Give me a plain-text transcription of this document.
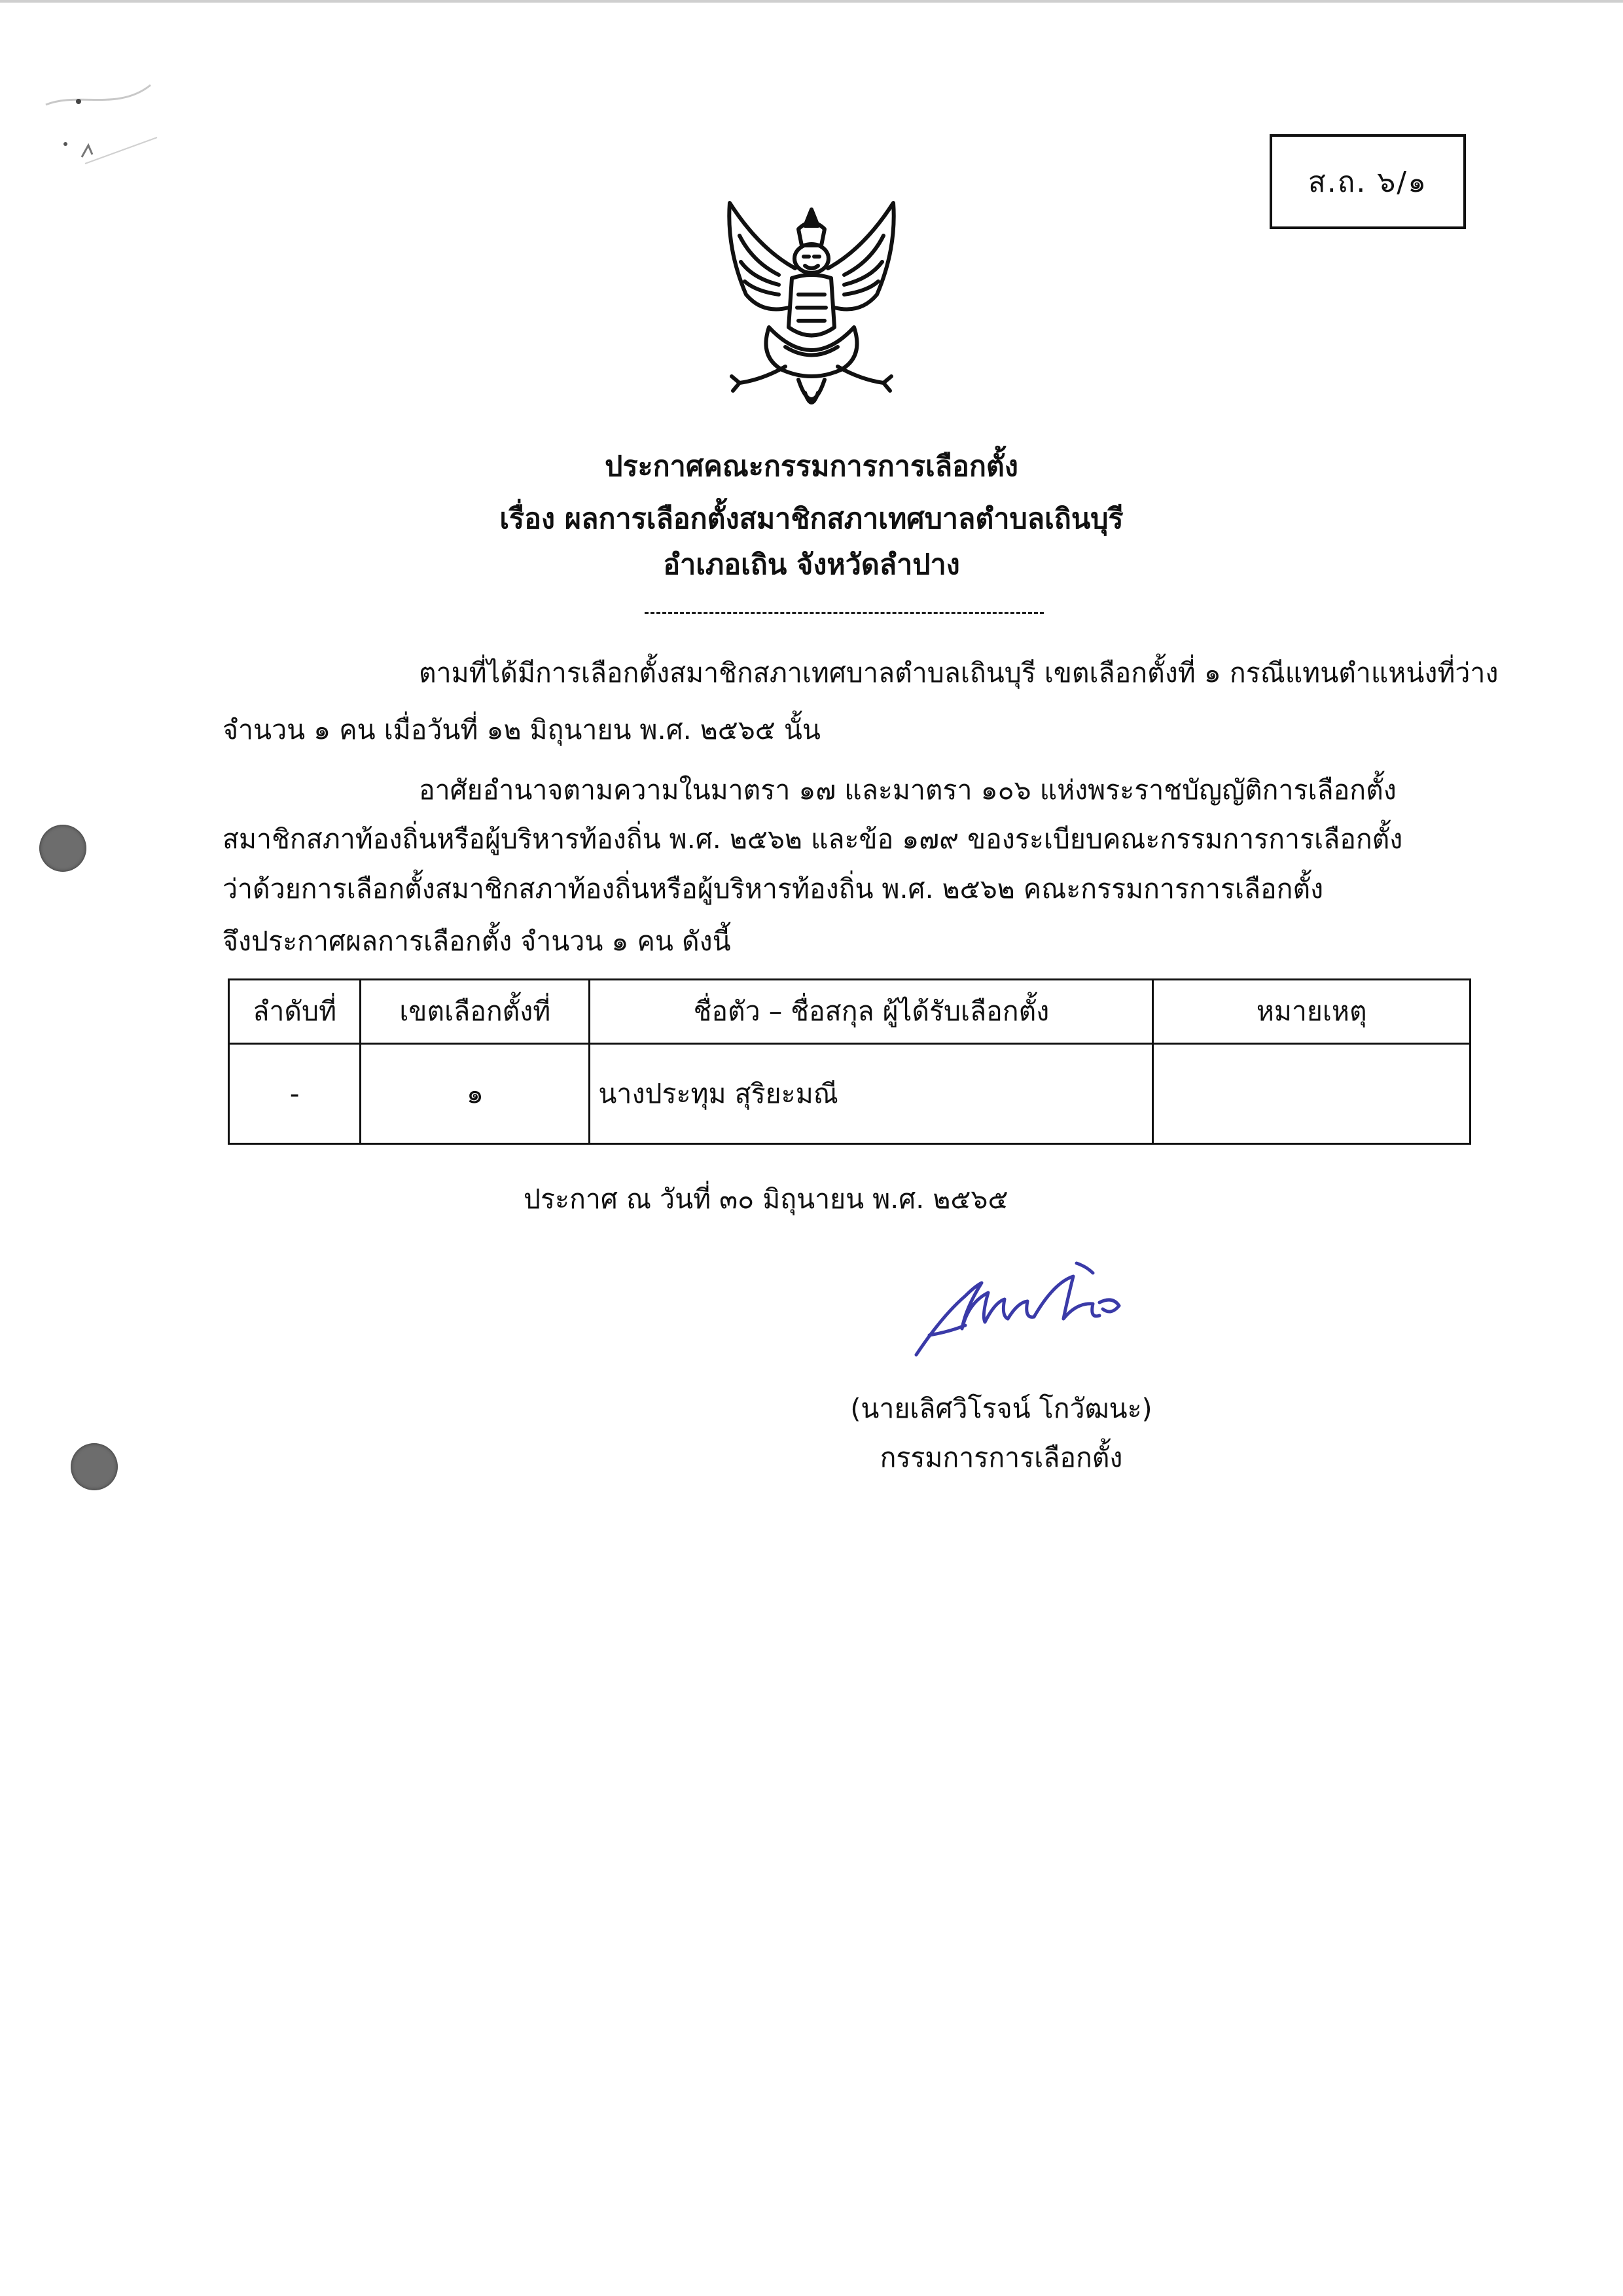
ส.ถ. ๖/๑
ประกาศคณะกรรมการการเลือกตั้ง
เรื่อง ผลการเลือกตั้งสมาชิกสภาเทศบาลตำบลเถินบุรี
อำเภอเถิน จังหวัดลำปาง
ตามที่ได้มีการเลือกตั้งสมาชิกสภาเทศบาลตำบลเถินบุรี เขตเลือกตั้งที่ ๑ กรณีแทนตำแหน่งที่ว่าง
จำนวน ๑ คน เมื่อวันที่ ๑๒ มิถุนายน พ.ศ. ๒๕๖๕ นั้น
อาศัยอำนาจตามความในมาตรา ๑๗ และมาตรา ๑๐๖ แห่งพระราชบัญญัติการเลือกตั้ง
สมาชิกสภาท้องถิ่นหรือผู้บริหารท้องถิ่น พ.ศ. ๒๕๖๒ และข้อ ๑๗๙ ของระเบียบคณะกรรมการการเลือกตั้ง
ว่าด้วยการเลือกตั้งสมาชิกสภาท้องถิ่นหรือผู้บริหารท้องถิ่น พ.ศ. ๒๕๖๒ คณะกรรมการการเลือกตั้ง
จึงประกาศผลการเลือกตั้ง จำนวน ๑ คน ดังนี้
ลำดับที่	เขตเลือกตั้งที่	ชื่อตัว – ชื่อสกุล ผู้ได้รับเลือกตั้ง	หมายเหตุ
-	๑	นางประทุม สุริยะมณี	
ประกาศ ณ วันที่ ๓๐ มิถุนายน พ.ศ. ๒๕๖๕
(นายเลิศวิโรจน์ โกวัฒนะ)
กรรมการการเลือกตั้ง
